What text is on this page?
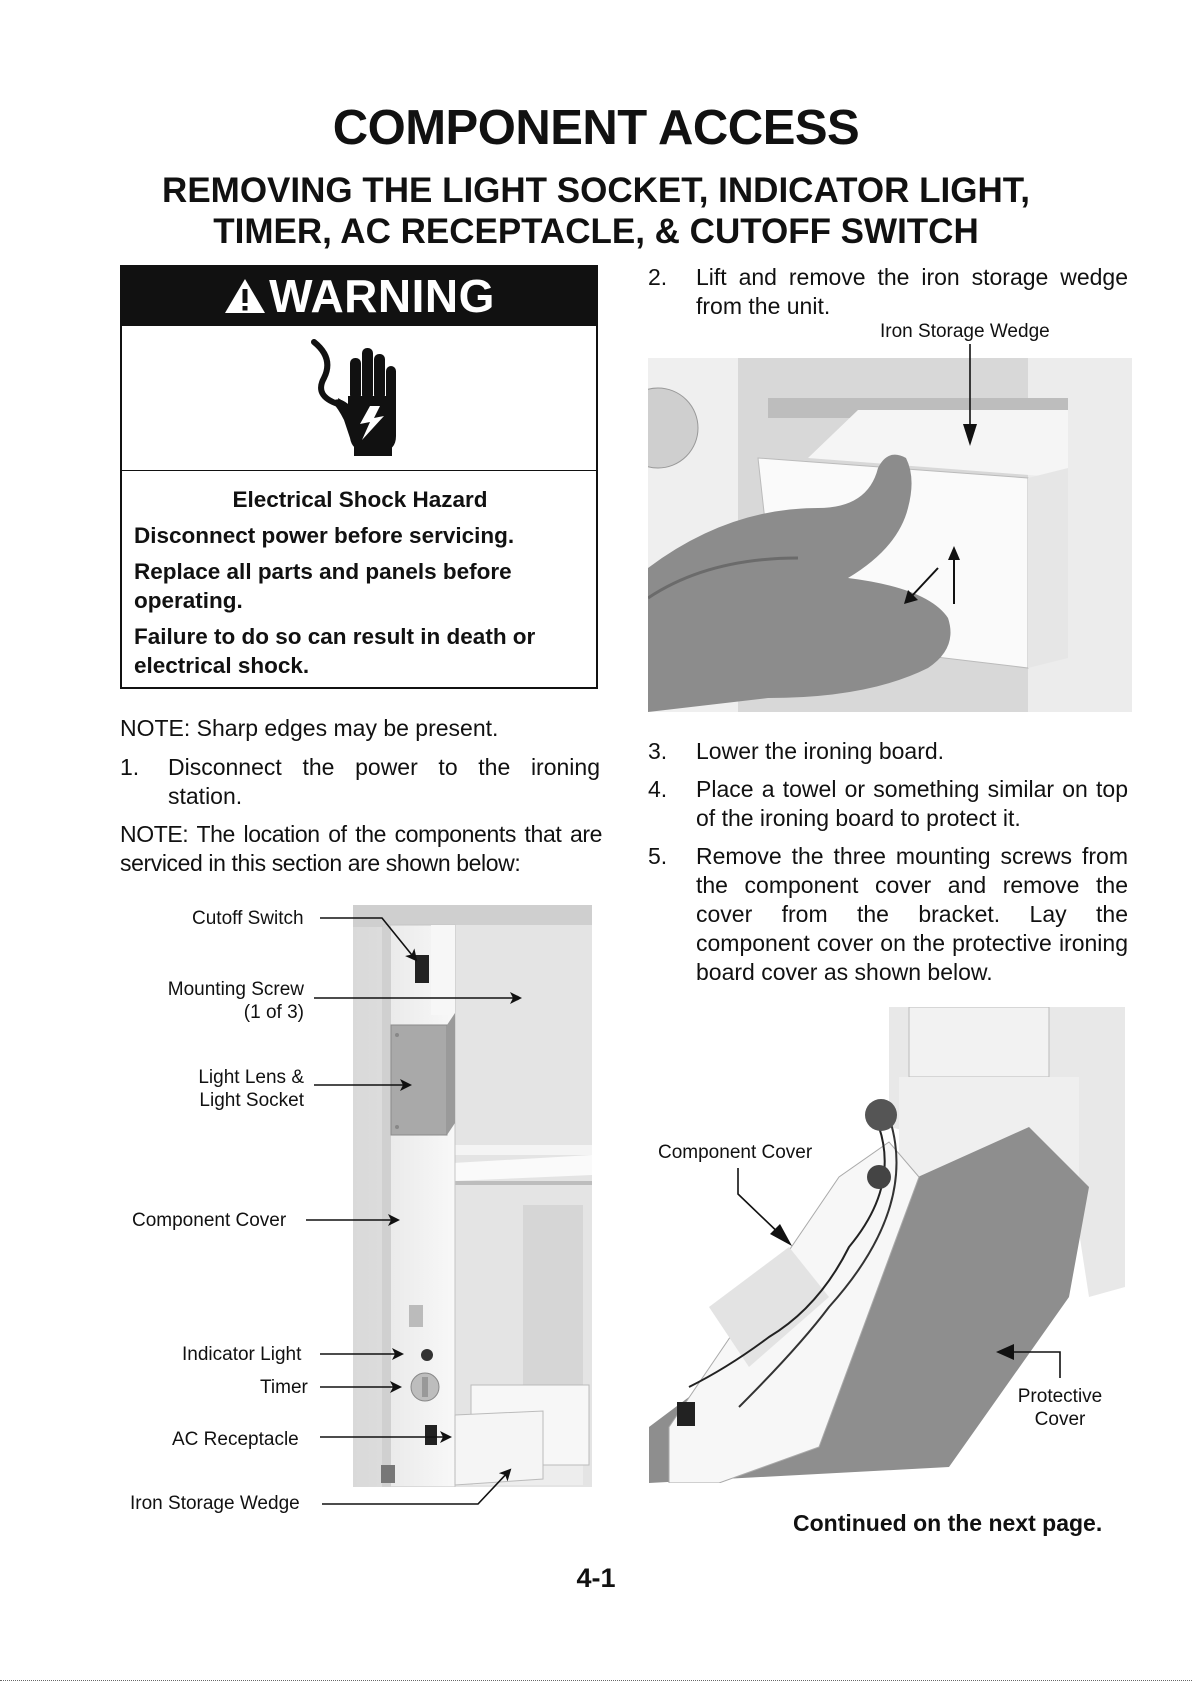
COMPONENT ACCESS
REMOVING THE LIGHT SOCKET, INDICATOR LIGHT,
TIMER, AC RECEPTACLE, & CUTOFF SWITCH
WARNING

Electrical Shock Hazard

Disconnect power before servicing.

Replace all parts and panels before operating.

Failure to do so can result in death or electrical shock.

NOTE: Sharp edges may be present.
1. Disconnect the power to the ironing station.
NOTE: The location of the components that are serviced in this section are shown below:
Cutoff Switch
Mounting Screw
(1 of 3)
Light Lens &
Light Socket
Component Cover
Indicator Light
Timer
AC Receptacle
Iron Storage Wedge
2. Lift and remove the iron storage wedge from the unit.
Iron Storage Wedge
3. Lower the ironing board.
4. Place a towel or something similar on top of the ironing board to protect it.
5. Remove the three mounting screws from the component cover and remove the cover from the bracket. Lay the component cover on the protective ironing board cover as shown below.
Component Cover
Protective
Cover
Continued on the next page.
4-1
